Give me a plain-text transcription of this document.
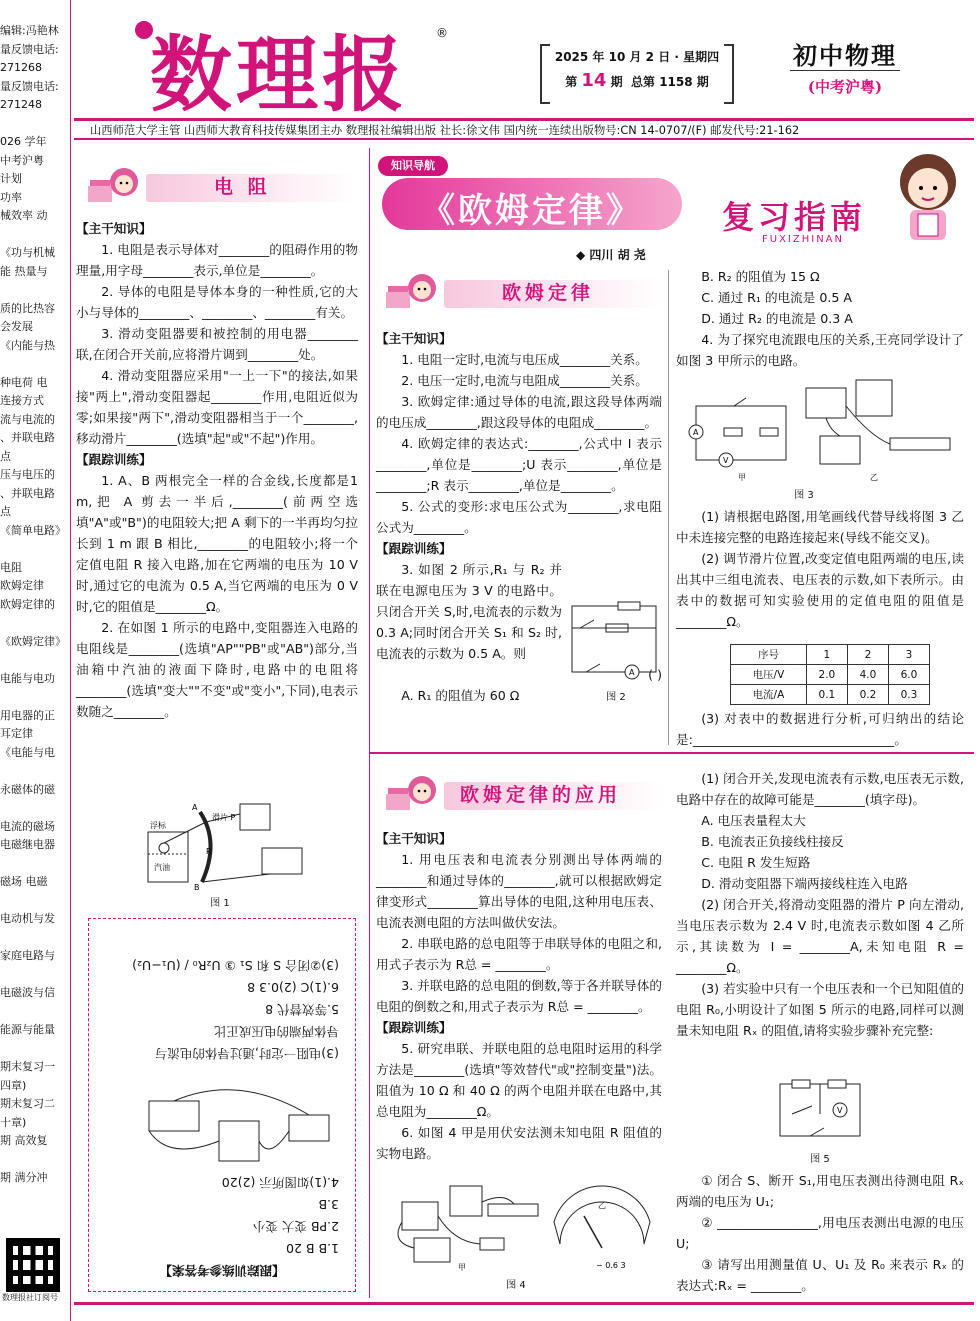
编辑:冯艳林
量反馈电话:
271268
量反馈电话:
271248
026 学年
中考沪粤
计划
功率
械效率 动
《功与机械
能 热量与
质的比热容
会发展
《内能与热
种电荷 电
连接方式
流与电流的
、并联电路
点
压与电压的
、并联电路
点
《简单电路》
电阻
欧姆定律
欧姆定律的
《欧姆定律》
电能与电功
用电器的正
耳定律
《电能与电
永磁体的磁
电流的磁场
电磁继电器
磁场 电磁
电动机与发
家庭电路与
电磁波与信
能源与能量
期末复习一
四章)
期末复习二
十章)
期 高效复
期 满分冲
数理报社订阅号
数理报 ®
2025 年 10 月 2 日 · 星期四
第 14 期 总第 1158 期
初中物理
(中考沪粤)
山西师范大学主管 山西师大教育科技传媒集团主办 数理报社编辑出版 社长:徐文伟 国内统一连续出版物号:CN 14-0707/(F) 邮发代号:21-162
电 阻

【主干知识】

1. 电阻是表示导体对________的阻碍作用的物理量,用字母________表示,单位是________。

2. 导体的电阻是导体本身的一种性质,它的大小与导体的________、________、________有关。

3. 滑动变阻器要和被控制的用电器________联,在闭合开关前,应将滑片调到________处。

4. 滑动变阻器应采用"一上一下"的接法,如果接"两上",滑动变阻器起________作用,电阻近似为零;如果接"两下",滑动变阻器相当于一个________,移动滑片________(选填"起"或"不起")作用。

【跟踪训练】

1. A、B 两根完全一样的合金线,长度都是1 m,把 A 剪去一半后,________(前两空选填"A"或"B")的电阻较大;把 A 剩下的一半再均匀拉长到 1 m 跟 B 相比,________的电阻较小;将一个定值电阻 R 接入电路,加在它两端的电压为 10 V 时,通过它的电流为 0.5 A,当它两端的电压为 0 V 时,它的阻值是________Ω。

2. 在如图 1 所示的电路中,变阻器连入电路的电阻线是________(选填"AP""PB"或"AB")部分,当油箱中汽油的液面下降时,电路中的电阻将________(选填"变大""不变"或"变小",下同),电表示数随之________。

浮标
汽油
滑片 P
A
B
R
图 1
【跟踪训练参考答案】
1.B B 20
2.PB 变大 变小
3.B
4.(1)如图所示 (2)20
(3)电阻一定时,通过导体的电流与
导体两端的电压成正比
5.等效替代 8
6.(1)C (2)0.3 8
(3)②闭合 S 和 S₁ ③ U₂R₀ / (U₁−U₂)
知识导航
《欧姆定律》	复习指南
FUXIZHINAN
◆ 四川 胡 尧
欧姆定律

【主干知识】

1. 电阻一定时,电流与电压成________关系。

2. 电压一定时,电流与电阻成________关系。

3. 欧姆定律:通过导体的电流,跟这段导体两端的电压成________,跟这段导体的电阻成________。

4. 欧姆定律的表达式:________,公式中 I 表示________,单位是________;U 表示________,单位是________;R 表示________,单位是________。

5. 公式的变形:求电压公式为________,求电阻公式为________。

【跟踪训练】

3. 如图 2 所示,R₁ 与 R₂ 并联在电源电压为 3 V 的电路中。只闭合开关 S,时,电流表的示数为 0.3 A;同时闭合开关 S₁ 和 S₂ 时,电流表的示数为 0.5 A。则

( )

A. R₁ 的阻值为 60 Ω

A
图 2

B. R₂ 的阻值为 15 Ω

C. 通过 R₁ 的电流是 0.5 A

D. 通过 R₂ 的电流是 0.3 A

4. 为了探究电流跟电压的关系,王亮同学设计了如图 3 甲所示的电路。

A
V
甲	乙
图 3

(1) 请根据电路图,用笔画线代替导线将图 3 乙中未连接完整的电路连接起来(导线不能交叉)。

(2) 调节滑片位置,改变定值电阻两端的电压,读出其中三组电流表、电压表的示数,如下表所示。由表中的数据可知实验使用的定值电阻的阻值是________Ω。

序号	1	2	3
电压/V	2.0	4.0	6.0
电流/A	0.1	0.2	0.3

(3) 对表中的数据进行分析,可归纳出的结论是:________________________________。

欧姆定律的应用

【主干知识】

1. 用电压表和电流表分别测出导体两端的________和通过导体的________,就可以根据欧姆定律变形式________算出导体的电阻,这种用电压表、电流表测电阻的方法叫做伏安法。

2. 串联电路的总电阻等于串联导体的电阻之和,用式子表示为 R总 = ________。

3. 并联电路的总电阻的倒数,等于各并联导体的电阻的倒数之和,用式子表示为 R总 = ________。

【跟踪训练】

5. 研究串联、并联电阻的总电阻时运用的科学方法是________(选填"等效替代"或"控制变量")法。阻值为 10 Ω 和 40 Ω 的两个电阻并联在电路中,其总电阻为________Ω。

6. 如图 4 甲是用伏安法测未知电阻 R 阻值的实物电路。

− 0.6 3
甲
乙
图 4

(1) 闭合开关,发现电流表有示数,电压表无示数,电路中存在的故障可能是________(填字母)。

A. 电压表量程太大

B. 电流表正负接线柱接反

C. 电阻 R 发生短路

D. 滑动变阻器下端两接线柱连入电路

(2) 闭合开关,将滑动变阻器的滑片 P 向左滑动,当电压表示数为 2.4 V 时,电流表示数如图 4 乙所示,其读数为 I = ________A,未知电阻 R = ________Ω。

(3) 若实验中只有一个电压表和一个已知阻值的电阻 R₀,小明设计了如图 5 所示的电路,同样可以测量未知电阻 Rₓ 的阻值,请将实验步骤补充完整:

V
图 5

① 闭合 S、断开 S₁,用电压表测出待测电阻 Rₓ 两端的电压为 U₁;

② ________________,用电压表测出电源的电压 U;

③ 请写出用测量值 U、U₁ 及 R₀ 来表示 Rₓ 的表达式:Rₓ = ________。
